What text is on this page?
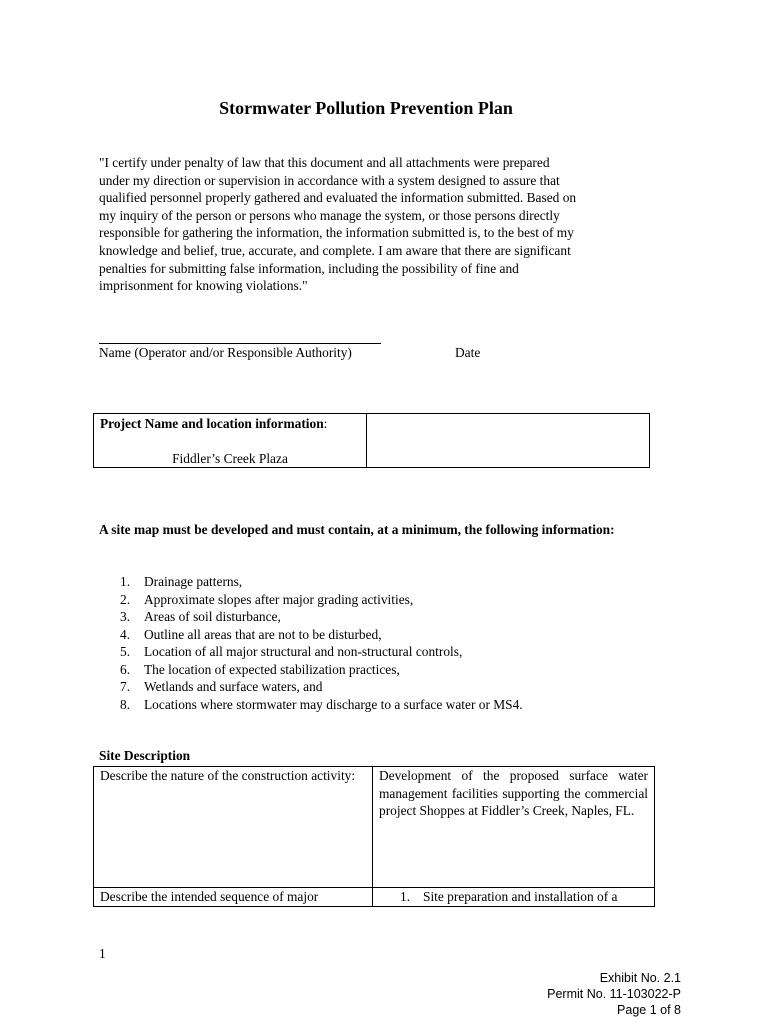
Stormwater Pollution Prevention Plan

"I certify under penalty of law that this document and all attachments were prepared
under my direction or supervision in accordance with a system designed to assure that
qualified personnel properly gathered and evaluated the information submitted. Based on
my inquiry of the person or persons who manage the system, or those persons directly
responsible for gathering the information, the information submitted is, to the best of my
knowledge and belief, true, accurate, and complete. I am aware that there are significant
penalties for submitting false information, including the possibility of fine and
imprisonment for knowing violations."

Name (Operator and/or Responsible Authority)	Date
Project Name and location information:
Fiddler’s Creek Plaza

A site map must be developed and must contain, at a minimum, the following information:
1. Drainage patterns,
2. Approximate slopes after major grading activities,
3. Areas of soil disturbance,
4. Outline all areas that are not to be disturbed,
5. Location of all major structural and non-structural controls,
6. The location of expected stabilization practices,
7. Wetlands and surface waters, and
8. Locations where stormwater may discharge to a surface water or MS4.
Site Description
Describe the nature of the construction activity:	Development of the proposed surface water management facilities supporting the commercial project Shoppes at Fiddler’s Creek, Naples, FL.
Describe the intended sequence of major	1. Site preparation and installation of a
1
Exhibit No. 2.1
Permit No. 11-103022-P
Page 1 of 8
